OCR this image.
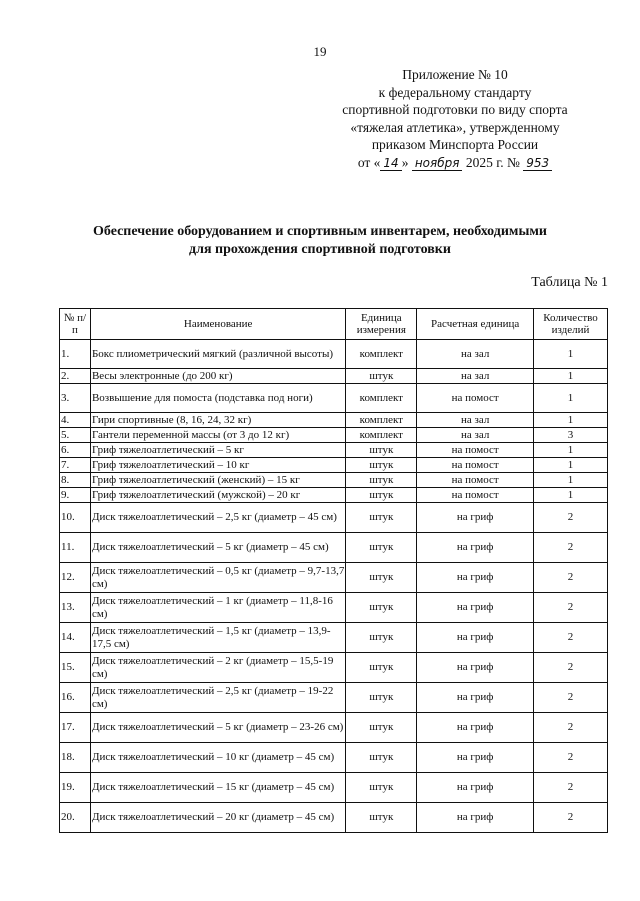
19
Приложение № 10
к федеральному стандарту
спортивной подготовки по виду спорта
«тяжелая атлетика», утвержденному
приказом Минспорта России
от « 14 » ноября 2025 г. № 953
Обеспечение оборудованием и спортивным инвентарем, необходимыми
для прохождения спортивной подготовки
Таблица № 1
№ п/п	Наименование	Единица измерения	Расчетная единица	Количество изделий
1.	Бокс плиометрический мягкий (различной высоты)	комплект	на зал	1
2.	Весы электронные (до 200 кг)	штук	на зал	1
3.	Возвышение для помоста (подставка под ноги)	комплект	на помост	1
4.	Гири спортивные (8, 16, 24, 32 кг)	комплект	на зал	1
5.	Гантели переменной массы (от 3 до 12 кг)	комплект	на зал	3
6.	Гриф тяжелоатлетический – 5 кг	штук	на помост	1
7.	Гриф тяжелоатлетический – 10 кг	штук	на помост	1
8.	Гриф тяжелоатлетический (женский) – 15 кг	штук	на помост	1
9.	Гриф тяжелоатлетический (мужской) – 20 кг	штук	на помост	1
10.	Диск тяжелоатлетический – 2,5 кг (диаметр – 45 см)	штук	на гриф	2
11.	Диск тяжелоатлетический – 5 кг (диаметр – 45 см)	штук	на гриф	2
12.	Диск тяжелоатлетический – 0,5 кг (диаметр – 9,7-13,7 см)	штук	на гриф	2
13.	Диск тяжелоатлетический – 1 кг (диаметр – 11,8-16 см)	штук	на гриф	2
14.	Диск тяжелоатлетический – 1,5 кг (диаметр – 13,9-17,5 см)	штук	на гриф	2
15.	Диск тяжелоатлетический – 2 кг (диаметр – 15,5-19 см)	штук	на гриф	2
16.	Диск тяжелоатлетический – 2,5 кг (диаметр – 19-22 см)	штук	на гриф	2
17.	Диск тяжелоатлетический – 5 кг (диаметр – 23-26 см)	штук	на гриф	2
18.	Диск тяжелоатлетический – 10 кг (диаметр – 45 см)	штук	на гриф	2
19.	Диск тяжелоатлетический – 15 кг (диаметр – 45 см)	штук	на гриф	2
20.	Диск тяжелоатлетический – 20 кг (диаметр – 45 см)	штук	на гриф	2
